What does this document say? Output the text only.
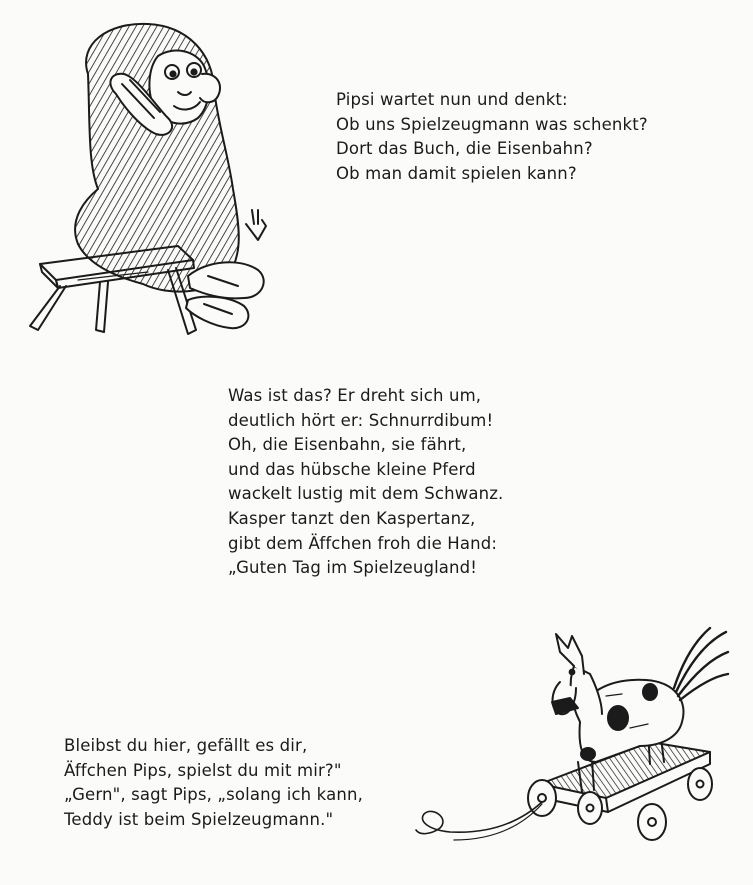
Pipsi wartet nun und denkt:
Ob uns Spielzeugmann was schenkt?
Dort das Buch, die Eisenbahn?
Ob man damit spielen kann?
Was ist das? Er dreht sich um,
deutlich hört er: Schnurrdibum!
Oh, die Eisenbahn, sie fährt,
und das hübsche kleine Pferd
wackelt lustig mit dem Schwanz.
Kasper tanzt den Kaspertanz,
gibt dem Äffchen froh die Hand:
„Guten Tag im Spielzeugland!
Bleibst du hier, gefällt es dir,
Äffchen Pips, spielst du mit mir?"
„Gern", sagt Pips, „solang ich kann,
Teddy ist beim Spielzeugmann."
